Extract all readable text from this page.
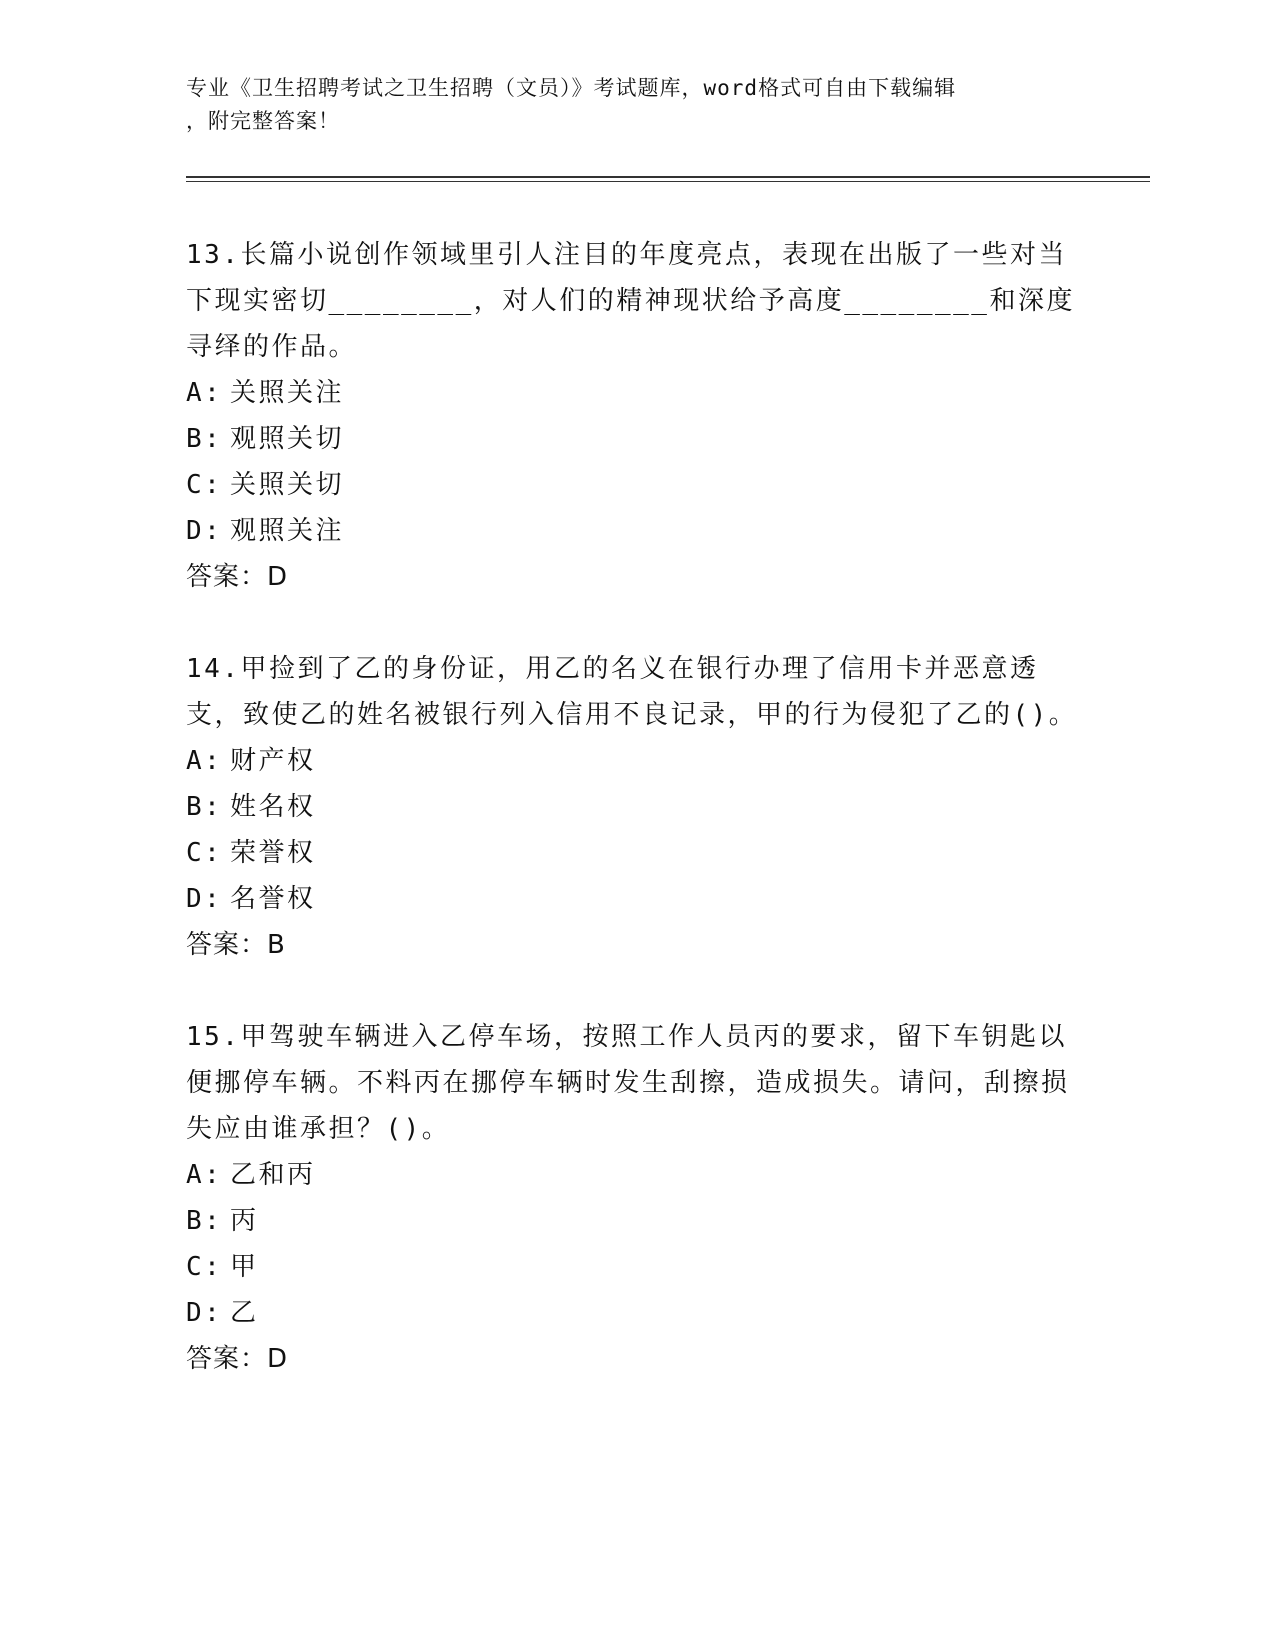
专业《卫生招聘考试之卫生招聘（文员）》考试题库，word格式可自由下载编辑
，附完整答案！
13.长篇小说创作领域里引人注目的年度亮点，表现在出版了一些对当下现实密切________，对人们的精神现状给予高度________和深度寻绎的作品。
A: 关照关注
B: 观照关切
C: 关照关切
D: 观照关注
答案：D
14.甲捡到了乙的身份证，用乙的名义在银行办理了信用卡并恶意透支，致使乙的姓名被银行列入信用不良记录，甲的行为侵犯了乙的()。
A: 财产权
B: 姓名权
C: 荣誉权
D: 名誉权
答案：B
15.甲驾驶车辆进入乙停车场，按照工作人员丙的要求，留下车钥匙以便挪停车辆。不料丙在挪停车辆时发生刮擦，造成损失。请问，刮擦损失应由谁承担？()。
A: 乙和丙
B: 丙
C: 甲
D: 乙
答案：D
